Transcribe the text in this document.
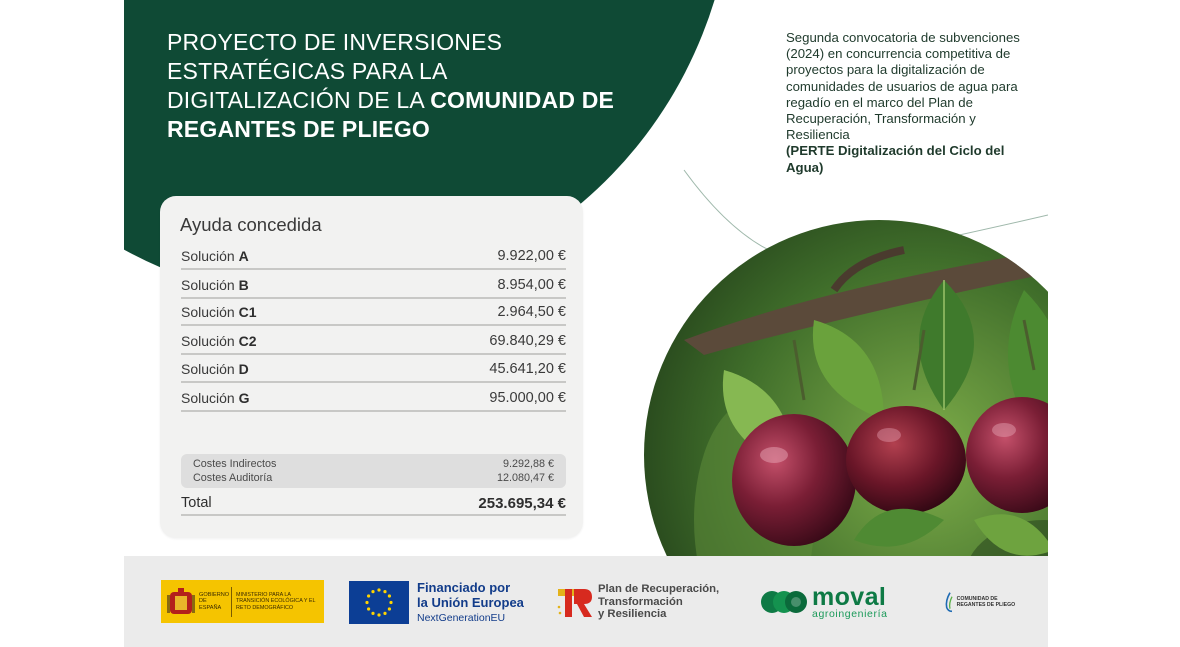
PROYECTO DE INVERSIONES ESTRATÉGICAS PARA LA DIGITALIZACIÓN DE LA COMUNIDAD DE REGANTES DE PLIEGO
Segunda convocatoria de subvenciones (2024) en concurrencia competitiva de proyectos para la digitalización de comunidades de usuarios de agua para regadío en el marco del Plan de Recuperación, Transformación y Resiliencia
(PERTE Digitalización del Ciclo del Agua)
Ayuda concedida
Solución A	9.922,00 €
Solución B	8.954,00 €
Solución C1	2.964,50 €
Solución C2	69.840,29 €
Solución D	45.641,20 €
Solución G	95.000,00 €
Costes Indirectos	9.292,88 €
Costes Auditoría	12.080,47 €
Total	253.695,34 €
GOBIERNO DE ESPAÑA
MINISTERIO PARA LA TRANSICIÓN ECOLÓGICA Y EL RETO DEMOGRÁFICO
Financiado por
la Unión Europea
NextGenerationEU
Plan de Recuperación,
Transformación
y Resiliencia
moval
agroingeniería
COMUNIDAD DE REGANTES DE PLIEGO
